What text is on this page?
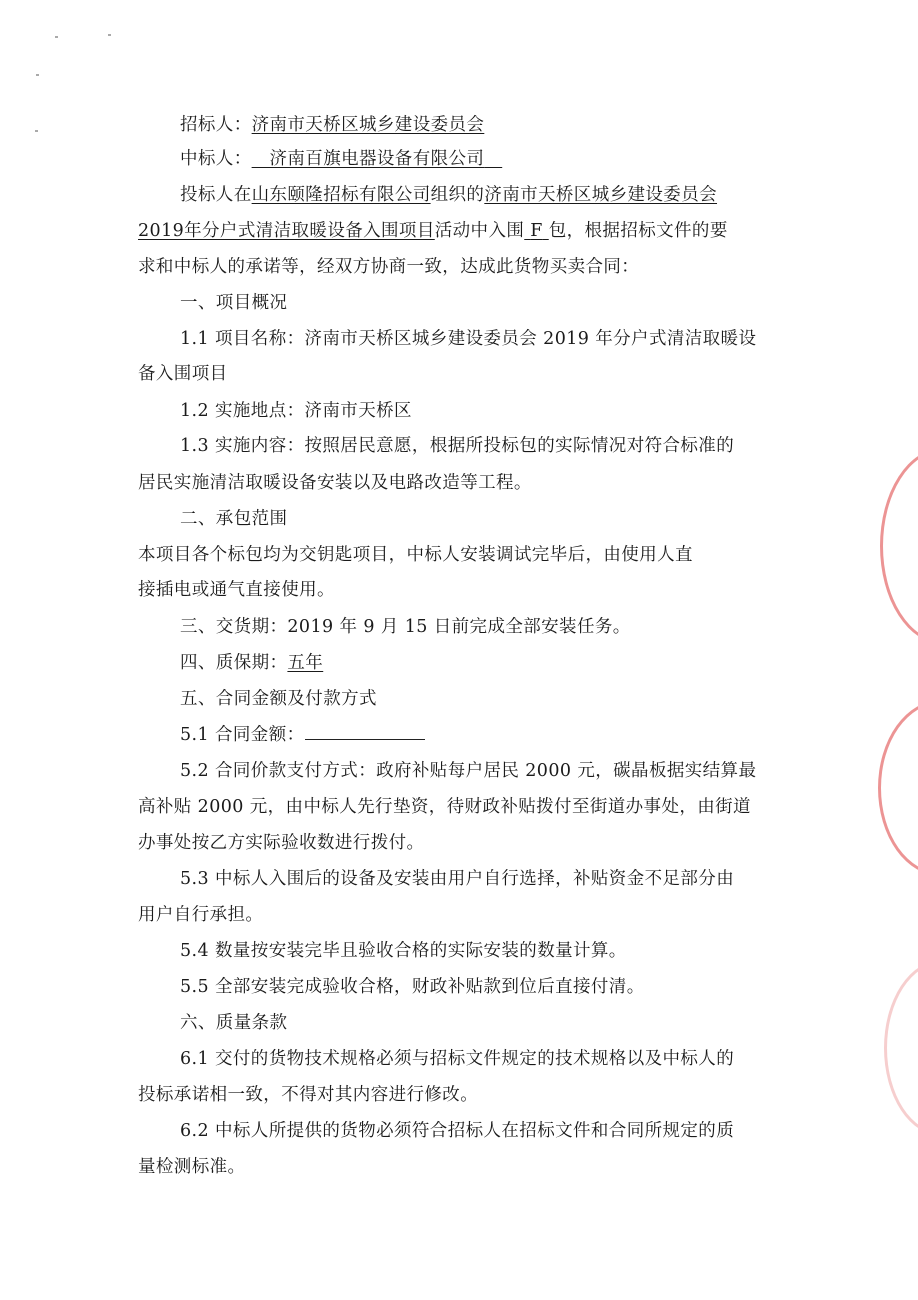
招标人：济南市天桥区城乡建设委员会
中标人： 济南百旗电器设备有限公司
投标人在山东颐隆招标有限公司组织的济南市天桥区城乡建设委员会
2019年分户式清洁取暖设备入围项目活动中入围 F 包，根据招标文件的要
求和中标人的承诺等，经双方协商一致，达成此货物买卖合同：
一、项目概况
1.1 项目名称：济南市天桥区城乡建设委员会 2019 年分户式清洁取暖设
备入围项目
1.2 实施地点：济南市天桥区
1.3 实施内容：按照居民意愿，根据所投标包的实际情况对符合标准的
居民实施清洁取暖设备安装以及电路改造等工程。
二、承包范围
本项目各个标包均为交钥匙项目，中标人安装调试完毕后，由使用人直
接插电或通气直接使用。
三、交货期：2019 年 9 月 15 日前完成全部安装任务。
四、质保期：五年
五、合同金额及付款方式
5.1 合同金额：
5.2 合同价款支付方式：政府补贴每户居民 2000 元，碳晶板据实结算最
高补贴 2000 元，由中标人先行垫资，待财政补贴拨付至街道办事处，由街道
办事处按乙方实际验收数进行拨付。
5.3 中标人入围后的设备及安装由用户自行选择，补贴资金不足部分由
用户自行承担。
5.4 数量按安装完毕且验收合格的实际安装的数量计算。
5.5 全部安装完成验收合格，财政补贴款到位后直接付清。
六、质量条款
6.1 交付的货物技术规格必须与招标文件规定的技术规格以及中标人的
投标承诺相一致，不得对其内容进行修改。
6.2 中标人所提供的货物必须符合招标人在招标文件和合同所规定的质
量检测标准。
